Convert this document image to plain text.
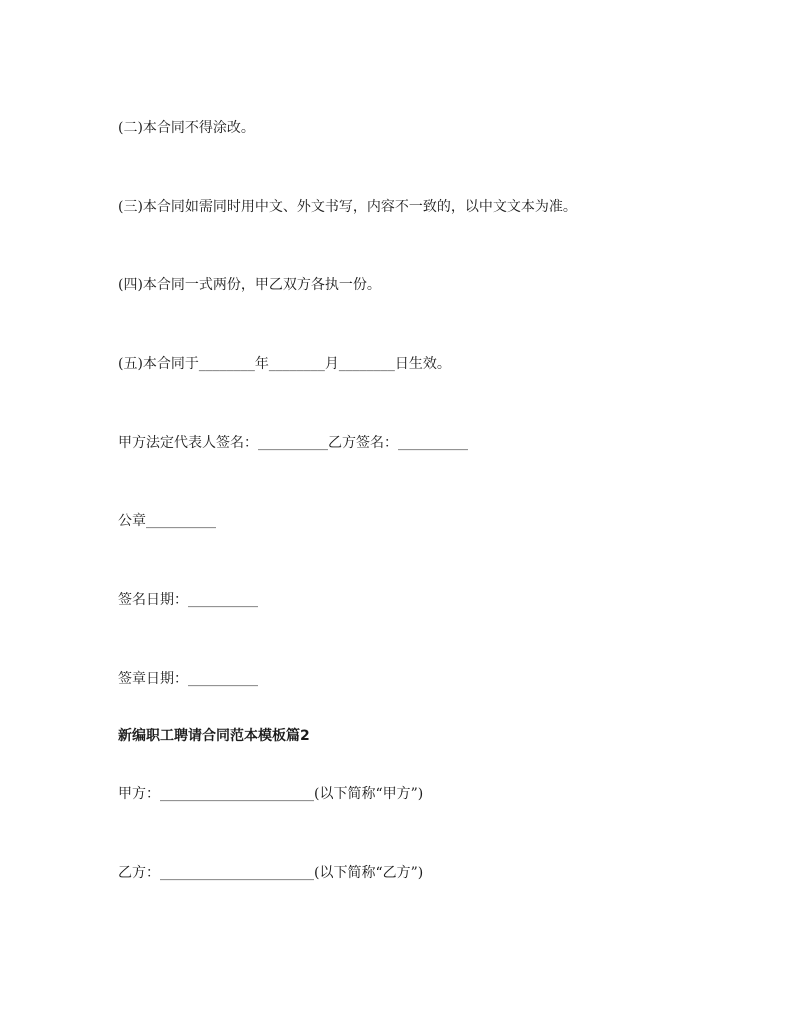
(二)本合同不得涂改。

(三)本合同如需同时用中文、外文书写，内容不一致的，以中文文本为准。

(四)本合同一式两份，甲乙双方各执一份。

(五)本合同于________年________月________日生效。

甲方法定代表人签名：__________乙方签名：__________

公章__________

签名日期：__________

签章日期：__________

新编职工聘请合同范本模板篇2

甲方：______________________(以下简称“甲方”)

乙方：______________________(以下简称“乙方”)
